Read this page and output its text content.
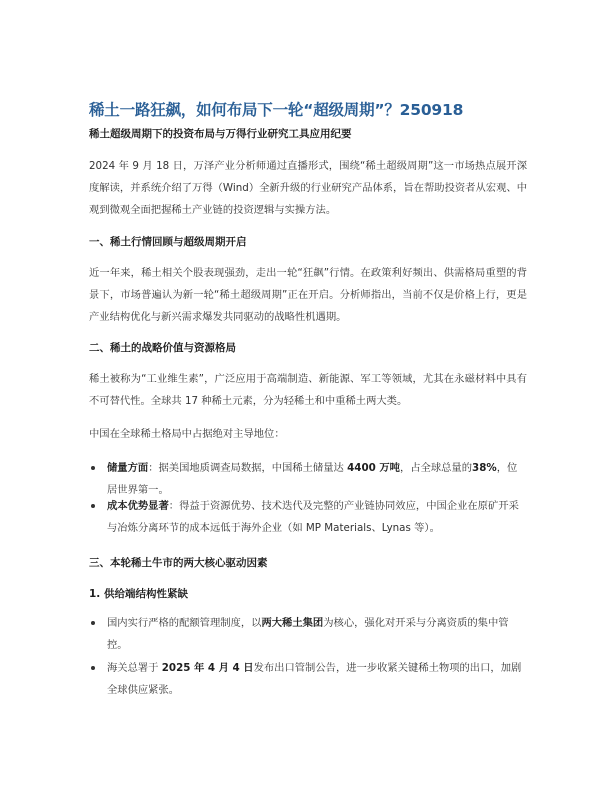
稀土一路狂飙，如何布局下一轮“超级周期”？250918
稀土超级周期下的投资布局与万得行业研究工具应用纪要
2024 年 9 月 18 日，万泽产业分析师通过直播形式，围绕“稀土超级周期”这一市场热点展开深度解读，并系统介绍了万得（Wind）全新升级的行业研究产品体系，旨在帮助投资者从宏观、中观到微观全面把握稀土产业链的投资逻辑与实操方法。
一、稀土行情回顾与超级周期开启
近一年来，稀土相关个股表现强劲，走出一轮“狂飙”行情。在政策利好频出、供需格局重塑的背景下，市场普遍认为新一轮“稀土超级周期”正在开启。分析师指出，当前不仅是价格上行，更是产业结构优化与新兴需求爆发共同驱动的战略性机遇期。
二、稀土的战略价值与资源格局
稀土被称为“工业维生素”，广泛应用于高端制造、新能源、军工等领域，尤其在永磁材料中具有不可替代性。全球共 17 种稀土元素，分为轻稀土和中重稀土两大类。
中国在全球稀土格局中占据绝对主导地位：
储量方面：据美国地质调查局数据，中国稀土储量达 4400 万吨，占全球总量的38%，位居世界第一。
成本优势显著：得益于资源优势、技术迭代及完整的产业链协同效应，中国企业在原矿开采与冶炼分离环节的成本远低于海外企业（如 MP Materials、Lynas 等）。
三、本轮稀土牛市的两大核心驱动因素
1. 供给端结构性紧缺
国内实行严格的配额管理制度，以两大稀土集团为核心，强化对开采与分离资质的集中管控。
海关总署于 2025 年 4 月 4 日发布出口管制公告，进一步收紧关键稀土物项的出口，加剧全球供应紧张。
